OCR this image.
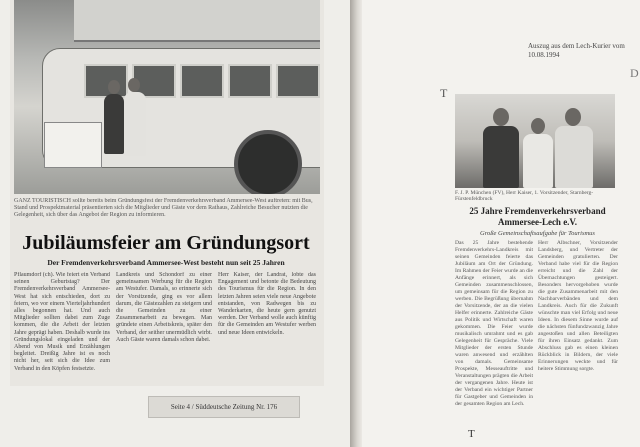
GANZ TOURISTISCH sollte bereits beim Gründungsfest der Fremdenverkehrsverband Ammersee-West auftreten: mit Bus, Stand und Prospektmaterial präsentierten sich die Mitglieder und Gäste vor dem Rathaus, Zahlreiche Besucher nutzten die Gelegenheit, sich über das Angebot der Region zu informieren.

Jubiläumsfeier am Gründungsort

Der Fremdenverkehrsverband Ammersee-West besteht nun seit 25 Jahren

Pflaumdorf (ch). Wie feiert ein Verband seinen Geburtstag? Der Fremdenverkehrsverband Ammersee-West hat sich entschieden, dort zu feiern, wo vor einem Vierteljahrhundert alles begonnen hat. Und auch Mitglieder sollten dabei zum Zuge kommen, die die Arbeit der letzten Jahre geprägt haben. Deshalb wurde ins Gründungslokal eingeladen und der Abend von Musik und Erzählungen begleitet. Dreißig Jahre ist es noch nicht her, seit sich die Idee zum Verband in den Köpfen festsetzte.

Landkreis und Schondorf zu einer gemeinsamen Werbung für die Region am Westufer. Damals, so erinnerte sich der Vorsitzende, ging es vor allem darum, die Gästezahlen zu steigern und die Gemeinden zu einer Zusammenarbeit zu bewegen. Man gründete einen Arbeitskreis, später den Verband, der seither unermüdlich wirbt. Auch Gäste waren damals schon dabei.

Herr Kaiser, der Landrat, lobte das Engagement und betonte die Bedeutung des Tourismus für die Region. In den letzten Jahren seien viele neue Angebote entstanden, von Radwegen bis zu Wanderkarten, die heute gern genutzt werden. Der Verband wolle auch künftig für die Gemeinden am Westufer werben und neue Ideen entwickeln.

Seite 4 / Süddeutsche Zeitung Nr. 176

Auszug aus dem Lech-Kurier vom 10.08.1994

D

T

F. J. P. München (FV), Herr Kaiser, 1. Vorsitzender, Starnberg-Fürstenfeldbruck

25 Jahre Fremdenverkehrsverband Ammersee-Lech e.V.

Große Gemeinschaftsaufgabe für Tourismus

Das 25 Jahre bestehende Fremdenverkehrs-Landkreis mit seinen Gemeinden feierte das Jubiläum am Ort der Gründung. Im Rahmen der Feier wurde an die Anfänge erinnert, als sich Gemeinden zusammenschlossen, um gemeinsam für die Region zu werben. Die Begrüßung übernahm der Vorsitzende, der an die vielen Helfer erinnerte. Zahlreiche Gäste aus Politik und Wirtschaft waren gekommen. Die Feier wurde musikalisch umrahmt und es gab Gelegenheit für Gespräche. Viele Mitglieder der ersten Stunde waren anwesend und erzählten von damals. Gemeinsame Prospekte, Messeauftritte und Veranstaltungen prägten die Arbeit der vergangenen Jahre. Heute ist der Verband ein wichtiger Partner für Gastgeber und Gemeinden in der gesamten Region am Lech.

Herr Albschner, Vorsitzender Landsberg, und Vertreter der Gemeinden gratulierten. Der Verband habe viel für die Region erreicht und die Zahl der Übernachtungen gesteigert. Besonders hervorgehoben wurde die gute Zusammenarbeit mit den Nachbarverbänden und dem Landkreis. Auch für die Zukunft wünschte man viel Erfolg und neue Ideen. In diesem Sinne wurde auf die nächsten fünfundzwanzig Jahre angestoßen und allen Beteiligten für ihren Einsatz gedankt. Zum Abschluss gab es einen kleinen Rückblick in Bildern, der viele Erinnerungen weckte und für heitere Stimmung sorgte.

T
